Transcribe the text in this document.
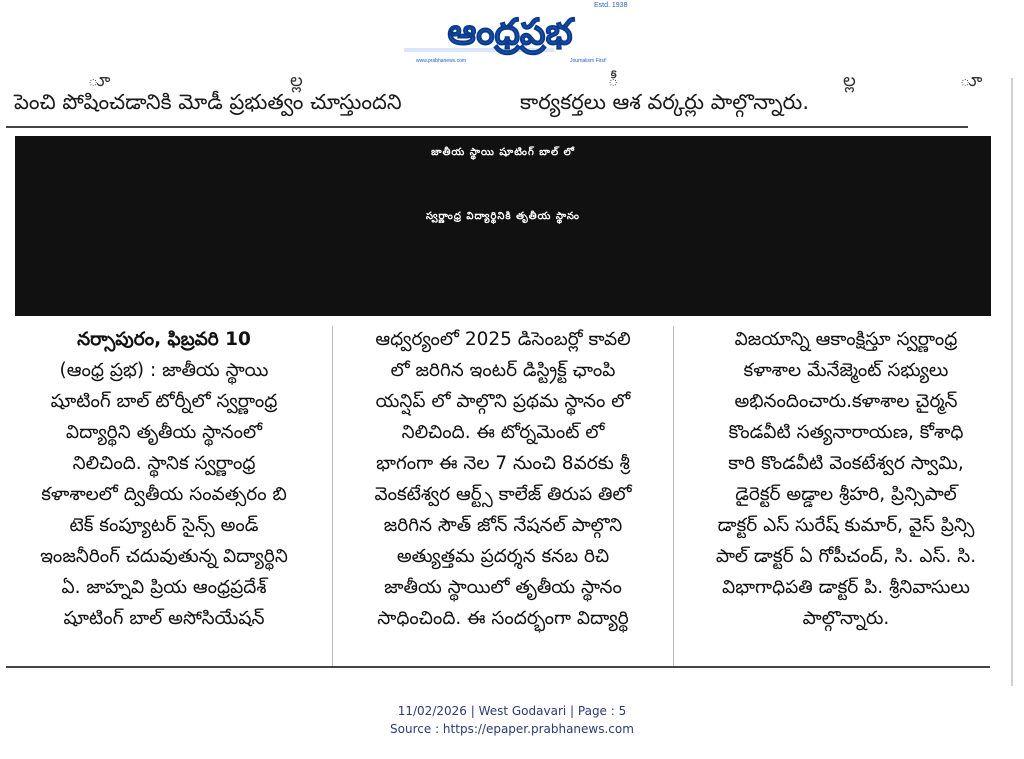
ఆంధ్రప్రభ
www.prabhanews.com	Journalism First!
Estd. 1938
ూ	ల్ల	ీ	ల్ల	ూ
పెంచి పోషించడానికి మోడీ ప్రభుత్వం చూస్తుందని	కార్యకర్తలు ఆశ వర్కర్లు పాల్గొన్నారు.
జాతీయ స్థాయి షూటింగ్ బాల్ లో
స్వర్ణాంధ్ర విద్యార్థినికి తృతీయ స్థానం
నర్సాపురం, ఫిబ్రవరి 10
(ఆంధ్ర ప్రభ) : జాతీయ స్థాయి
షూటింగ్ బాల్ టోర్నీలో స్వర్ణాంధ్ర
విద్యార్థిని తృతీయ స్థానంలో
నిలిచింది. స్థానిక స్వర్ణాంధ్ర
కళాశాలలో ద్వితీయ సంవత్సరం బి
టెక్ కంప్యూటర్ సైన్స్ అండ్
ఇంజనీరింగ్ చదువుతున్న విద్యార్థిని
ఏ. జాహ్నవి ప్రియ ఆంధ్రప్రదేశ్
షూటింగ్ బాల్ అసోసియేషన్
ఆధ్వర్యంలో 2025 డిసెంబర్లో కావలి
లో జరిగిన ఇంటర్ డిస్ట్రిక్ట్ ఛాంపి
యన్షిప్ లో పాల్గొని ప్రథమ స్థానం లో
నిలిచింది. ఈ టోర్నమెంట్ లో
భాగంగా ఈ నెల 7 నుంచి 8వరకు శ్రీ
వెంకటేశ్వర ఆర్ట్స్ కాలేజ్ తిరుప తిలో
జరిగిన సౌత్ జోన్ నేషనల్ పాల్గొని
అత్యుత్తమ ప్రదర్శన కనబ రిచి
జాతీయ స్థాయిలో తృతీయ స్థానం
సాధించింది. ఈ సందర్భంగా విద్యార్థి
విజయాన్ని ఆకాంక్షిస్తూ స్వర్ణాంధ్ర
కళాశాల మేనేజ్మెంట్ సభ్యులు
అభినందించారు.కళాశాల చైర్మన్
కొండవీటి సత్యనారాయణ, కోశాధి
కారి కొండవీటి వెంకటేశ్వర స్వామి,
డైరెక్టర్ అడ్డాల శ్రీహరి, ప్రిన్సిపాల్
డాక్టర్ ఎస్ సురేష్ కుమార్, వైస్ ప్రిన్సి
పాల్ డాక్టర్ ఏ గోపీచంద్, సి. ఎస్. సి.
విభాగాధిపతి డాక్టర్ పి. శ్రీనివాసులు
పాల్గొన్నారు.
11/02/2026 | West Godavari | Page : 5
Source : https://epaper.prabhanews.com
